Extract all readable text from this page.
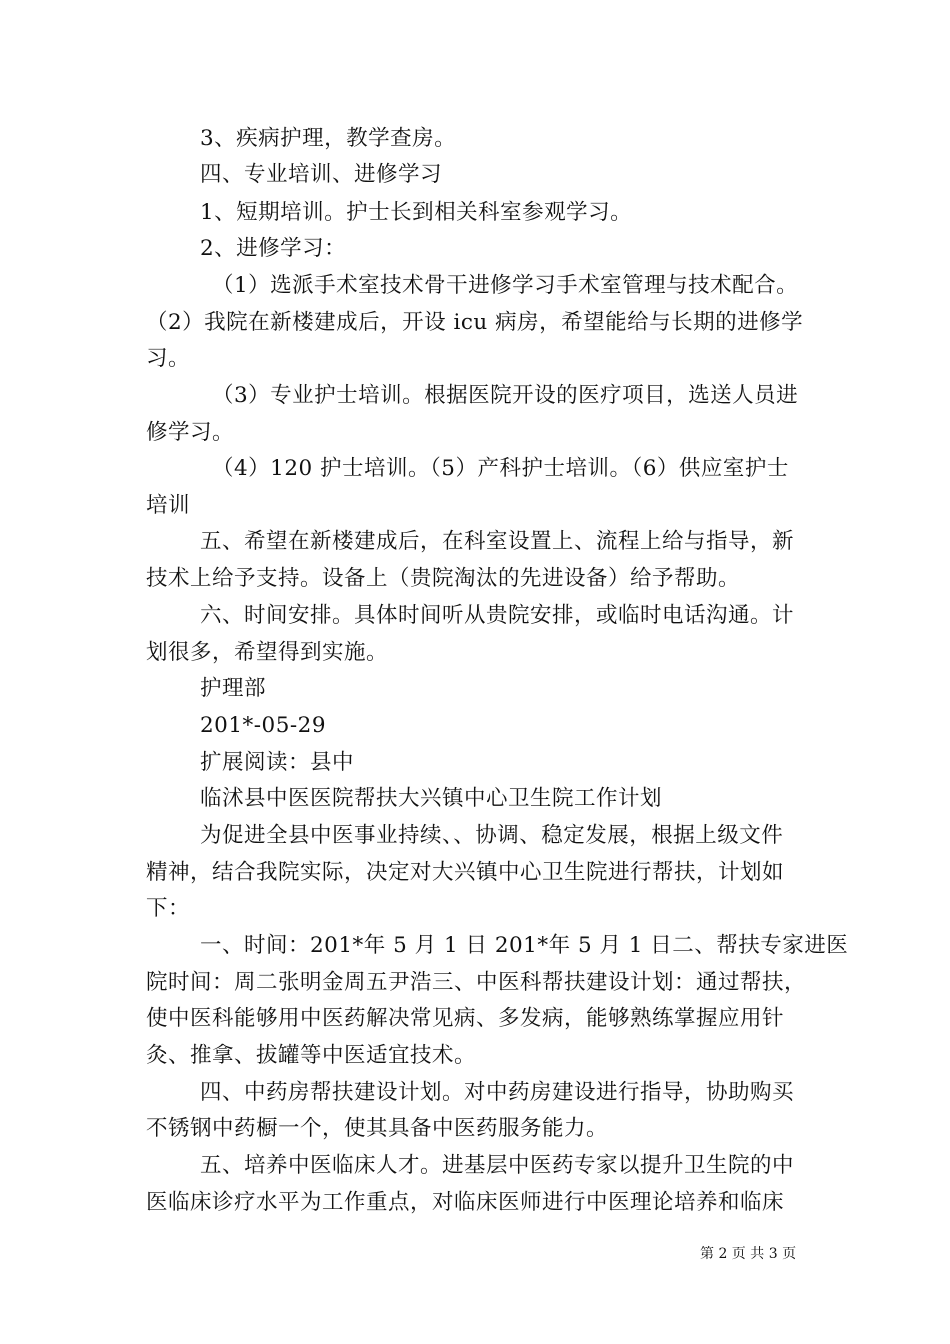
3、疾病护理，教学查房。
四、专业培训、进修学习
1、短期培训。护士长到相关科室参观学习。
2、进修学习：
（1）选派手术室技术骨干进修学习手术室管理与技术配合。
（2）我院在新楼建成后，开设 icu 病房，希望能给与长期的进修学
习。
（3）专业护士培训。根据医院开设的医疗项目，选送人员进
修学习。
（4）120 护士培训。（5）产科护士培训。（6）供应室护士
培训
五、希望在新楼建成后，在科室设置上、流程上给与指导，新
技术上给予支持。设备上（贵院淘汰的先进设备）给予帮助。
六、时间安排。具体时间听从贵院安排，或临时电话沟通。计
划很多，希望得到实施。
护理部
201*-05-29
扩展阅读：县中
临沭县中医医院帮扶大兴镇中心卫生院工作计划
为促进全县中医事业持续、、协调、稳定发展，根据上级文件
精神，结合我院实际，决定对大兴镇中心卫生院进行帮扶，计划如
下：
一、时间：201*年 5 月 1 日 201*年 5 月 1 日二、帮扶专家进医
院时间：周二张明金周五尹浩三、中医科帮扶建设计划：通过帮扶，
使中医科能够用中医药解决常见病、多发病，能够熟练掌握应用针
灸、推拿、拔罐等中医适宜技术。
四、中药房帮扶建设计划。对中药房建设进行指导，协助购买
不锈钢中药橱一个，使其具备中医药服务能力。
五、培养中医临床人才。进基层中医药专家以提升卫生院的中
医临床诊疗水平为工作重点，对临床医师进行中医理论培养和临床
第 2 页 共 3 页
